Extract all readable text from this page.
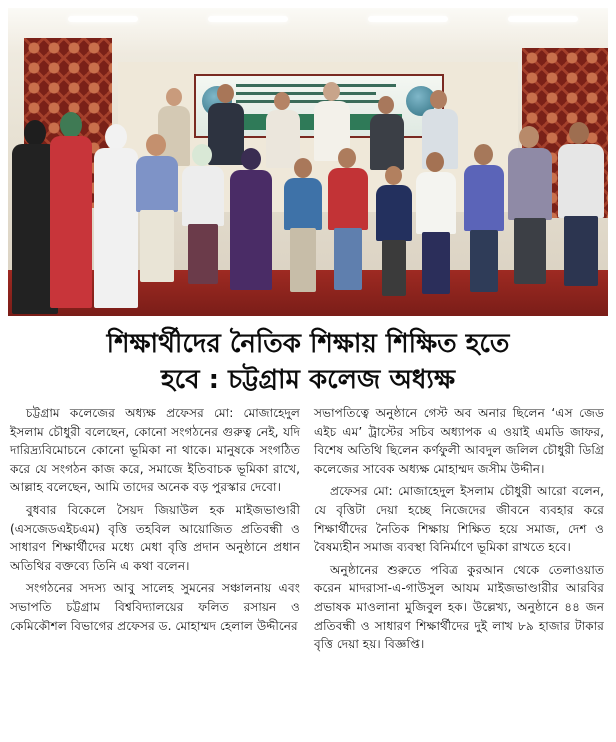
শিক্ষার্থীদের নৈতিক শিক্ষায় শিক্ষিত হতে
হবে : চট্টগ্রাম কলেজ অধ্যক্ষ

চট্টগ্রাম কলেজের অধ্যক্ষ প্রফেসর মো: মোজাহেদুল ইসলাম চৌধুরী বলেছেন, কোনো সংগঠনের গুরুত্ব নেই, যদি দারিদ্র্যবিমোচনে কোনো ভূমিকা না থাকে। মানুষকে সংগঠিত করে যে সংগঠন কাজ করে, সমাজে ইতিবাচক ভূমিকা রাখে, আল্লাহ বলেছেন, আমি তাদের অনেক বড় পুরস্কার দেবো।

বুধবার বিকেলে সৈয়দ জিয়াউল হক মাইজভাণ্ডারী (এসজেডএইচএম) বৃত্তি তহবিল আয়োজিত প্রতিবন্ধী ও সাধারণ শিক্ষার্থীদের মধ্যে মেধা বৃত্তি প্রদান অনুষ্ঠানে প্রধান অতিথির বক্তব্যে তিনি এ কথা বলেন।

সংগঠনের সদস্য আবু সালেহ সুমনের সঞ্চালনায় এবং সভাপতি চট্টগ্রাম বিশ্ববিদ্যালয়ের ফলিত রসায়ন ও কেমিকৌশল বিভাগের প্রফেসর ড. মোহাম্মদ হেলাল উদ্দীনের

সভাপতিত্বে অনুষ্ঠানে গেস্ট অব অনার ছিলেন ‘এস জেড এইচ এম’ ট্রাস্টের সচিব অধ্যাপক এ ওয়াই এমডি জাফর, বিশেষ অতিথি ছিলেন কর্ণফুলী আবদুল জলিল চৌধুরী ডিগ্রি কলেজের সাবেক অধ্যক্ষ মোহাম্মদ জসীম উদ্দীন।

প্রফেসর মো: মোজাহেদুল ইসলাম চৌধুরী আরো বলেন, যে বৃত্তিটা দেয়া হচ্ছে নিজেদের জীবনে ব্যবহার করে শিক্ষার্থীদের নৈতিক শিক্ষায় শিক্ষিত হয়ে সমাজ, দেশ ও বৈষম্যহীন সমাজ ব্যবস্থা বিনির্মাণে ভূমিকা রাখতে হবে।

অনুষ্ঠানের শুরুতে পবিত্র কুরআন থেকে তেলাওয়াত করেন মাদরাসা-এ-গাউসুল আযম মাইজভাণ্ডারীর আরবির প্রভাষক মাওলানা মুজিবুল হক। উল্লেখ্য, অনুষ্ঠানে ৪৪ জন প্রতিবন্ধী ও সাধারণ শিক্ষার্থীদের দুই লাখ ৮৯ হাজার টাকার বৃত্তি দেয়া হয়। বিজ্ঞপ্তি।
